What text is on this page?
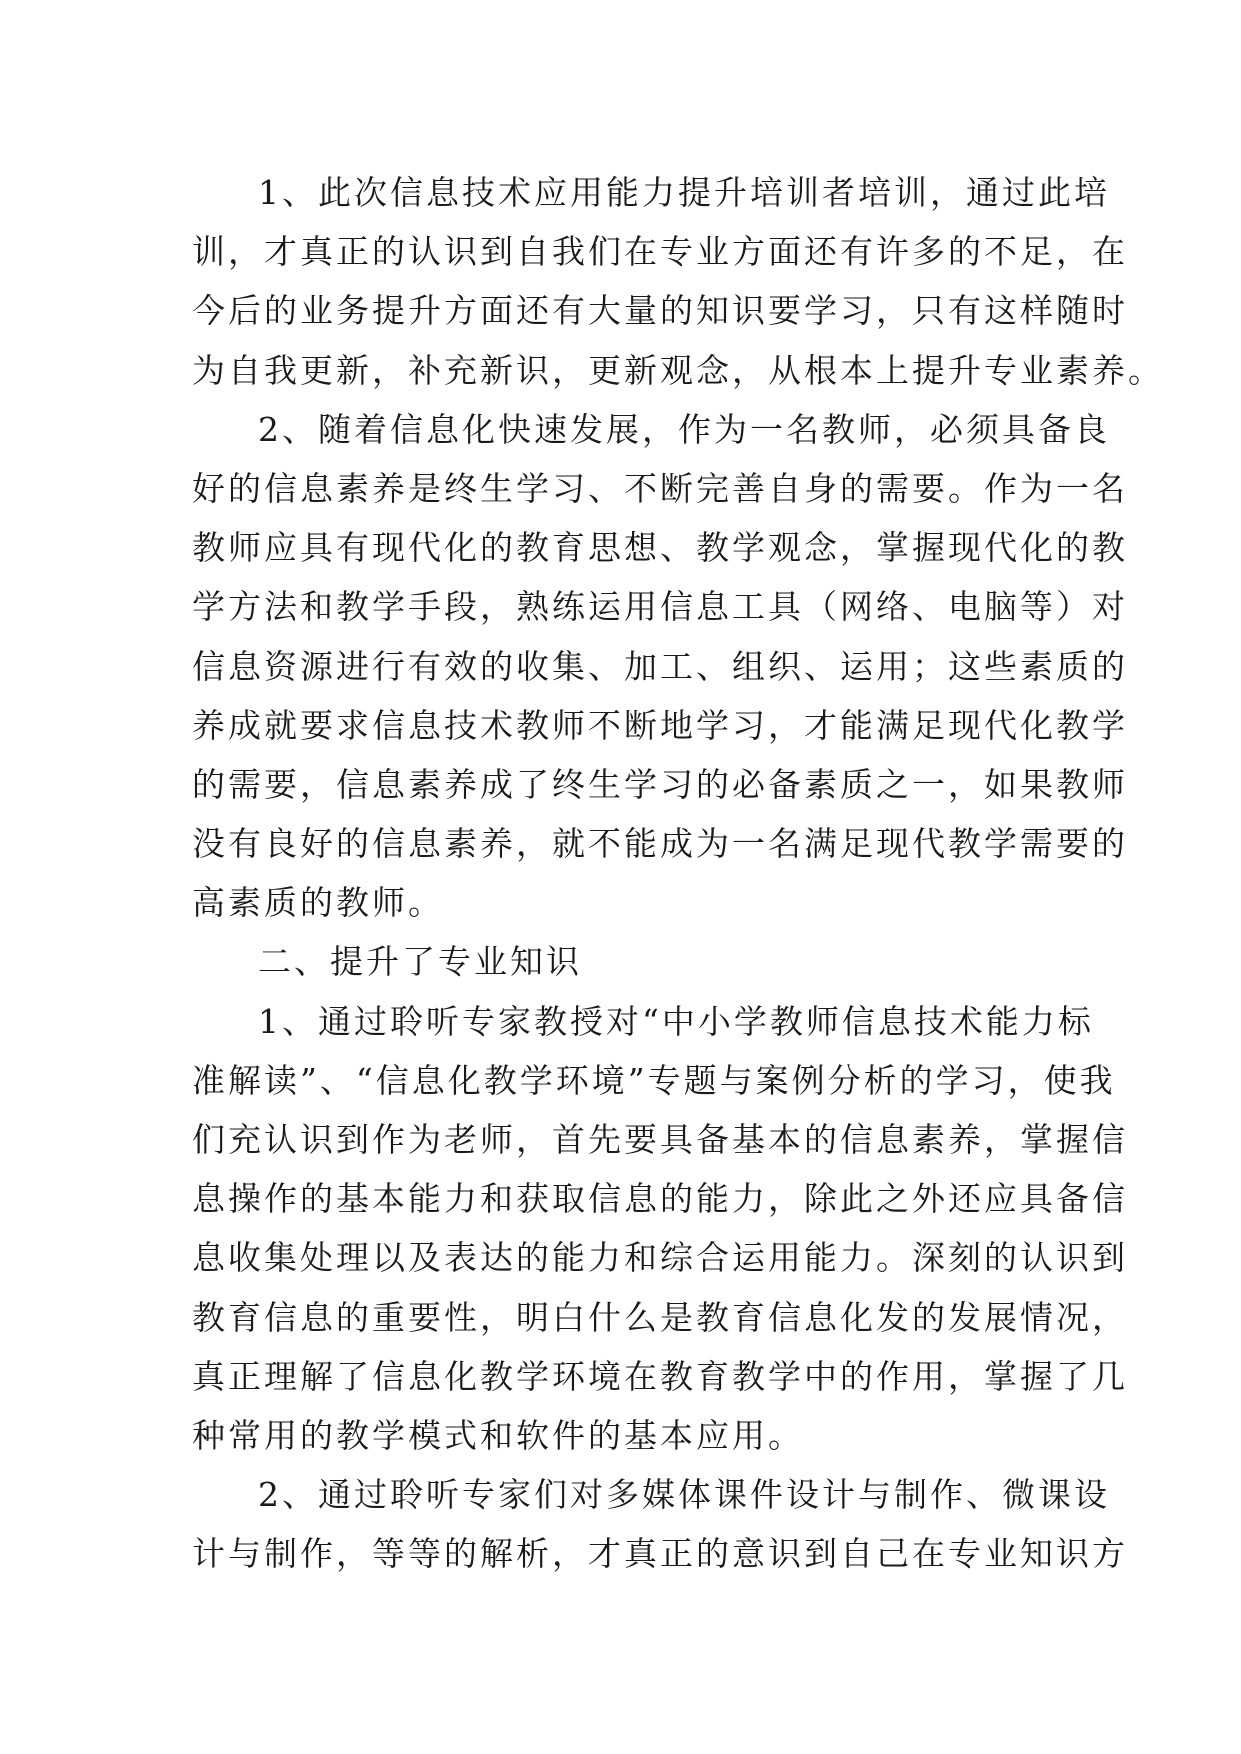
1、此次信息技术应用能力提升培训者培训，通过此培
训，才真正的认识到自我们在专业方面还有许多的不足，在
今后的业务提升方面还有大量的知识要学习，只有这样随时
为自我更新，补充新识，更新观念，从根本上提升专业素养。
2、随着信息化快速发展，作为一名教师，必须具备良
好的信息素养是终生学习、不断完善自身的需要。作为一名
教师应具有现代化的教育思想、教学观念，掌握现代化的教
学方法和教学手段，熟练运用信息工具（网络、电脑等）对
信息资源进行有效的收集、加工、组织、运用；这些素质的
养成就要求信息技术教师不断地学习，才能满足现代化教学
的需要，信息素养成了终生学习的必备素质之一，如果教师
没有良好的信息素养，就不能成为一名满足现代教学需要的
高素质的教师。
二、提升了专业知识
1、通过聆听专家教授对“中小学教师信息技术能力标
准解读”、“信息化教学环境”专题与案例分析的学习，使我
们充认识到作为老师，首先要具备基本的信息素养，掌握信
息操作的基本能力和获取信息的能力，除此之外还应具备信
息收集处理以及表达的能力和综合运用能力。深刻的认识到
教育信息的重要性，明白什么是教育信息化发的发展情况，
真正理解了信息化教学环境在教育教学中的作用，掌握了几
种常用的教学模式和软件的基本应用。
2、通过聆听专家们对多媒体课件设计与制作、微课设
计与制作，等等的解析，才真正的意识到自己在专业知识方
